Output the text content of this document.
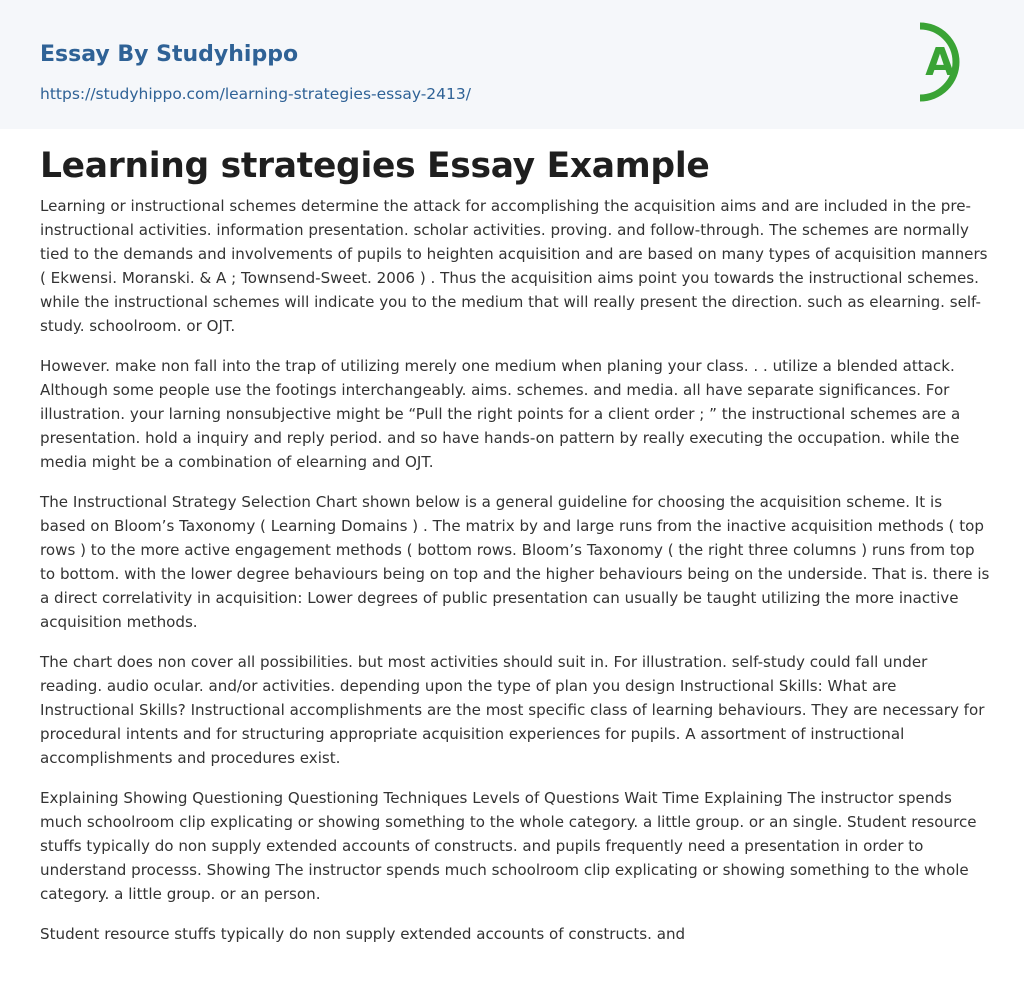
Essay By Studyhippo
https://studyhippo.com/learning-strategies-essay-2413/
A
Learning strategies Essay Example

Learning or instructional schemes determine the attack for accomplishing the acquisition aims and are included in the pre-instructional activities. information presentation. scholar activities. proving. and follow-through. The schemes are normally tied to the demands and involvements of pupils to heighten acquisition and are based on many types of acquisition manners ( Ekwensi. Moranski. & A ; Townsend-Sweet. 2006 ) . Thus the acquisition aims point you towards the instructional schemes. while the instructional schemes will indicate you to the medium that will really present the direction. such as elearning. self-study. schoolroom. or OJT.

However. make non fall into the trap of utilizing merely one medium when planing your class. . . utilize a blended attack. Although some people use the footings interchangeably. aims. schemes. and media. all have separate significances. For illustration. your larning nonsubjective might be “Pull the right points for a client order ; ” the instructional schemes are a presentation. hold a inquiry and reply period. and so have hands-on pattern by really executing the occupation. while the media might be a combination of elearning and OJT.

The Instructional Strategy Selection Chart shown below is a general guideline for choosing the acquisition scheme. It is based on Bloom’s Taxonomy ( Learning Domains ) . The matrix by and large runs from the inactive acquisition methods ( top rows ) to the more active engagement methods ( bottom rows. Bloom’s Taxonomy ( the right three columns ) runs from top to bottom. with the lower degree behaviours being on top and the higher behaviours being on the underside. That is. there is a direct correlativity in acquisition: Lower degrees of public presentation can usually be taught utilizing the more inactive acquisition methods.

The chart does non cover all possibilities. but most activities should suit in. For illustration. self-study could fall under reading. audio ocular. and/or activities. depending upon the type of plan you design Instructional Skills: What are Instructional Skills? Instructional accomplishments are the most specific class of learning behaviours. They are necessary for procedural intents and for structuring appropriate acquisition experiences for pupils. A assortment of instructional accomplishments and procedures exist.

Explaining Showing Questioning Questioning Techniques Levels of Questions Wait Time Explaining The instructor spends much schoolroom clip explicating or showing something to the whole category. a little group. or an single. Student resource stuffs typically do non supply extended accounts of constructs. and pupils frequently need a presentation in order to understand processs. Showing The instructor spends much schoolroom clip explicating or showing something to the whole category. a little group. or an person.

Student resource stuffs typically do non supply extended accounts of constructs. and
